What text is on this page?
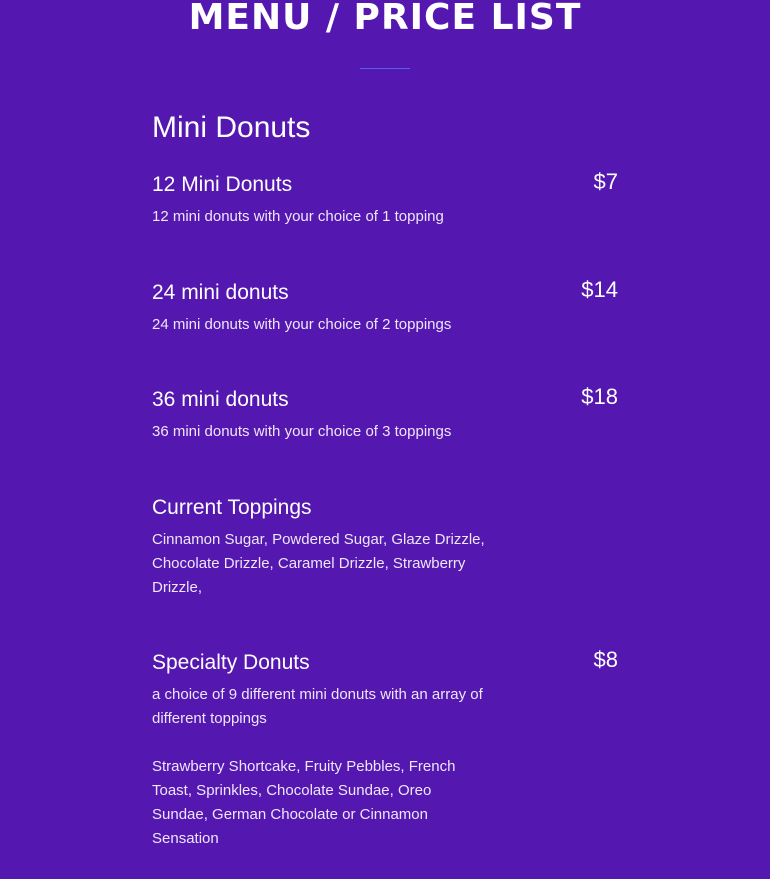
MENU / PRICE LIST
Mini Donuts
12 Mini Donuts	$7

12 mini donuts with your choice of 1 topping

24 mini donuts	$14

24 mini donuts with your choice of 2 toppings

36 mini donuts	$18

36 mini donuts with your choice of 3 toppings

Current Toppings

Cinnamon Sugar, Powdered Sugar, Glaze Drizzle, Chocolate Drizzle, Caramel Drizzle, Strawberry Drizzle,

Specialty Donuts	$8

a choice of 9 different mini donuts with an array of different toppings

Strawberry Shortcake, Fruity Pebbles, French Toast, Sprinkles, Chocolate Sundae, Oreo Sundae, German Chocolate or Cinnamon Sensation
